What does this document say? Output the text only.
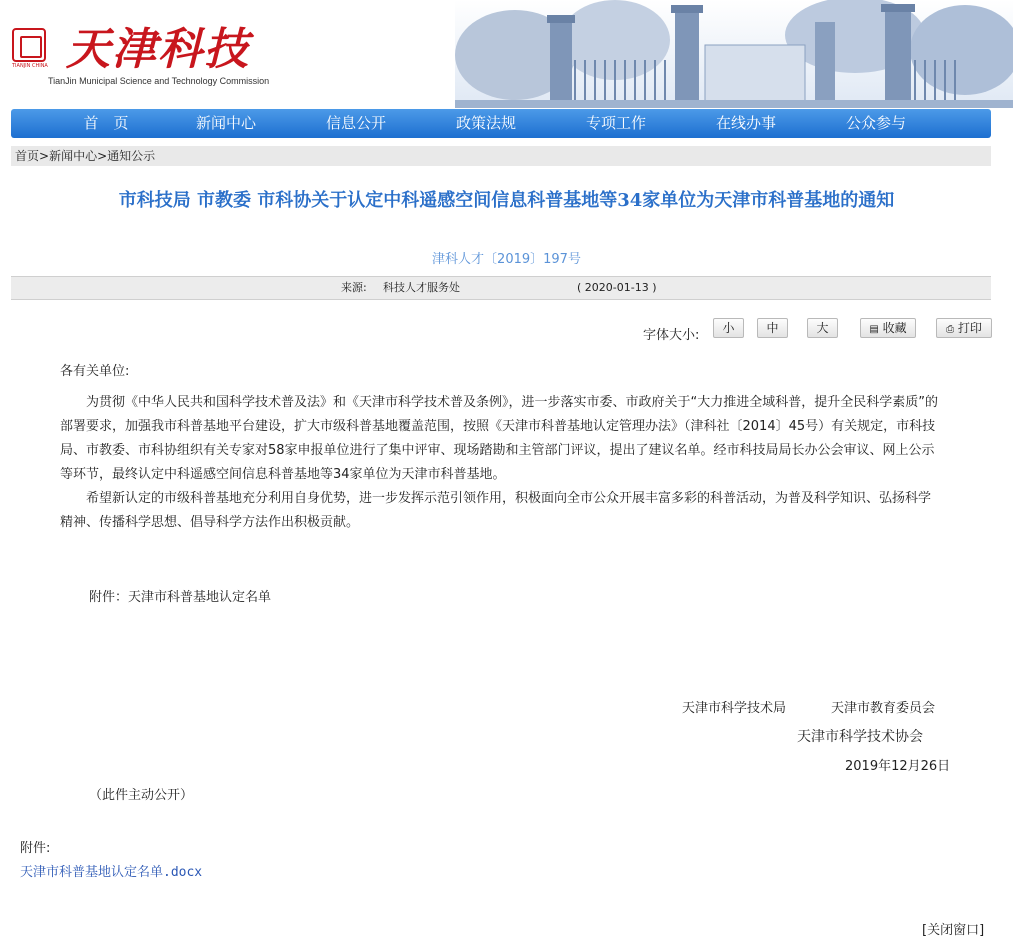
TIANJIN CHINA 天津科技
TianJin Municipal Science and Technology Commission
首　页	新闻中心	信息公开	政策法规	专项工作	在线办事	公众参与
首页>新闻中心>通知公示
市科技局 市教委 市科协关于认定中科遥感空间信息科普基地等34家单位为天津市科普基地的通知
津科人才〔2019〕197号
来源: 科技人才服务处	( 2020-01-13 )
字体大小:	小	中	大	▤ 收藏	⎙ 打印

各有关单位:

为贯彻《中华人民共和国科学技术普及法》和《天津市科学技术普及条例》，进一步落实市委、市政府关于“大力推进全域科普，提升全民科学素质”的部署要求，加强我市科普基地平台建设，扩大市级科普基地覆盖范围，按照《天津市科普基地认定管理办法》（津科社〔2014〕45号）有关规定，市科技局、市教委、市科协组织有关专家对58家申报单位进行了集中评审、现场踏勘和主管部门评议，提出了建议名单。经市科技局局长办公会审议、网上公示等环节，最终认定中科遥感空间信息科普基地等34家单位为天津市科普基地。

希望新认定的市级科普基地充分利用自身优势，进一步发挥示范引领作用，积极面向全市公众开展丰富多彩的科普活动，为普及科学知识、弘扬科学精神、传播科学思想、倡导科学方法作出积极贡献。

附件：天津市科普基地认定名单
天津市科学技术局	天津市教育委员会
天津市科学技术协会
2019年12月26日
（此件主动公开）
附件:
天津市科普基地认定名单.docx
[关闭窗口]
